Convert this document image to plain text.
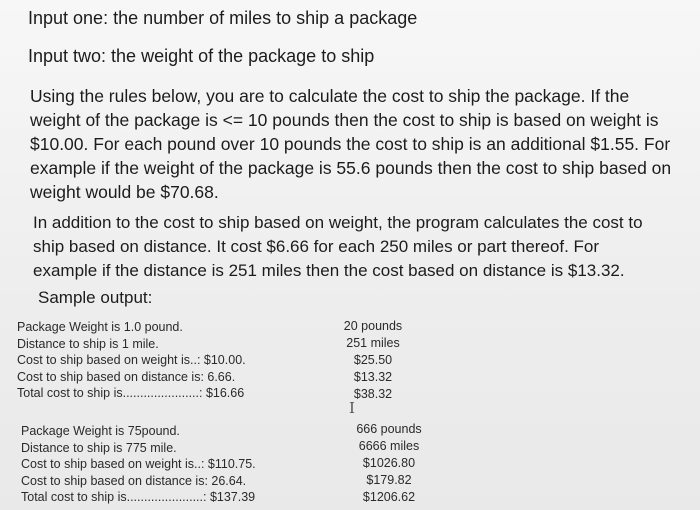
Input one: the number of miles to ship a package
Input two: the weight of the package to ship
Using the rules below, you are to calculate the cost to ship the package. If the
weight of the package is <= 10 pounds then the cost to ship is based on weight is
$10.00. For each pound over 10 pounds the cost to ship is an additional $1.55. For
example if the weight of the package is 55.6 pounds then the cost to ship based on
weight would be $70.68.
In addition to the cost to ship based on weight, the program calculates the cost to
ship based on distance. It cost $6.66 for each 250 miles or part thereof. For
example if the distance is 251 miles then the cost based on distance is $13.32.
Sample output:
Package Weight is 1.0 pound.
Distance to ship is 1 mile.
Cost to ship based on weight is..: $10.00.
Cost to ship based on distance is: 6.66.
Total cost to ship is......................: $16.66
20 pounds
251 miles
$25.50
$13.32
$38.32
I
Package Weight is 75pound.
Distance to ship is 775 mile.
Cost to ship based on weight is..: $110.75.
Cost to ship based on distance is: 26.64.
Total cost to ship is......................: $137.39
666 pounds
6666 miles
$1026.80
$179.82
$1206.62
